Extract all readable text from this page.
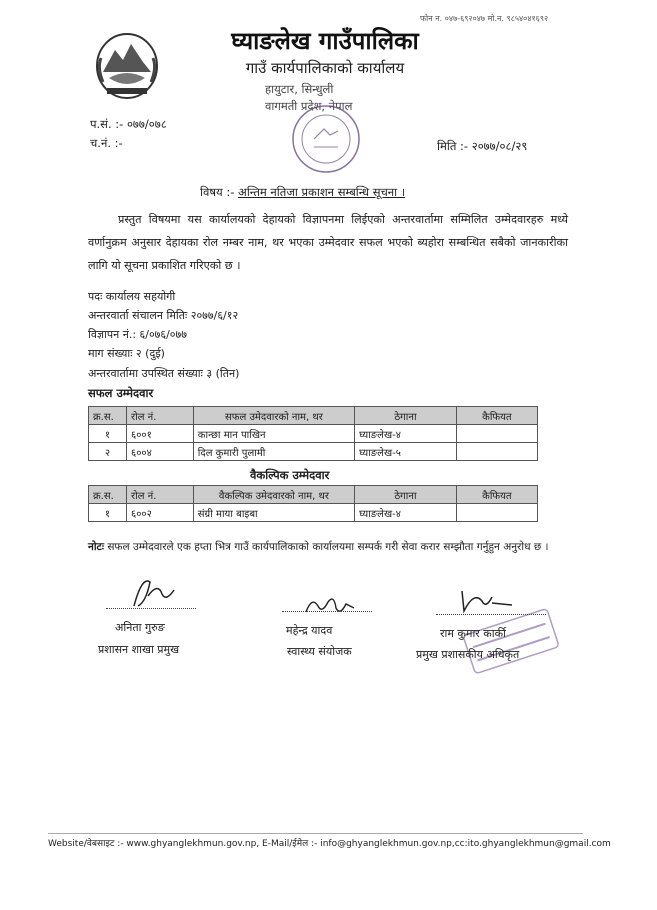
फोन न. ०४७-६९२०४७ मो.न. ९८५४०४१६९२
घ्याङलेख गाउँपालिका
गाउँ कार्यपालिकाको कार्यालय
हायुटार, सिन्धुली
वागमती प्रदेश, नेपाल
प.सं. :- ०७७/०७८
च.नं. :-	मिति :- २०७७/०८/२९
विषय :- अन्तिम नतिजा प्रकाशन सम्बन्धि सूचना ।
प्रस्तुत विषयमा यस कार्यालयको देहायको विज्ञापनमा लिईएको अन्तरवार्तामा सम्मिलित उम्मेदवारहरु मध्ये वर्णानुक्रम अनुसार देहायका रोल नम्बर नाम, थर भएका उम्मेदवार सफल भएको ब्यहोरा सम्बन्धित सबैको जानकारीका लागि यो सूचना प्रकाशित गरिएको छ ।
पदः कार्यालय सहयोगी
अन्तरवार्ता संचालन मितिः २०७७/६/१२
विज्ञापन नं.: ६/०७६/०७७
माग संख्याः २ (दुई)
अन्तरवार्तामा उपस्थित संख्याः ३ (तिन)
सफल उम्मेदवार
क्र.स.	रोल नं.	सफल उमेदवारको नाम, थर	ठेगाना	कैफियत
१	६००१	कान्छा मान पाखिन	घ्याङलेख-४	
२	६००४	दिल कुमारी पुलामी	घ्याङलेख-५	
वैकल्पिक उम्मेदवार
क्र.स.	रोल नं.	वैकल्पिक उमेदवारको नाम, थर	ठेगाना	कैफियत
१	६००२	संग्री माया बाइबा	घ्याङलेख-४	
नोटः सफल उम्मेदवारले एक हप्ता भित्र गाउँ कार्यपालिकाको कार्यालयमा सम्पर्क गरी सेवा करार सम्झौता गर्नुहुन अनुरोध छ ।
अनिता गुरुङ
प्रशासन शाखा प्रमुख
महेन्द्र यादव
स्वास्थ्य संयोजक
राम कुमार कार्की
प्रमुख प्रशासकीय अधिकृत
Website/वेबसाइट :- www.ghyanglekhmun.gov.np, E-Mail/ईमेल :- info@ghyanglekhmun.gov.np,cc:ito.ghyanglekhmun@gmail.com
